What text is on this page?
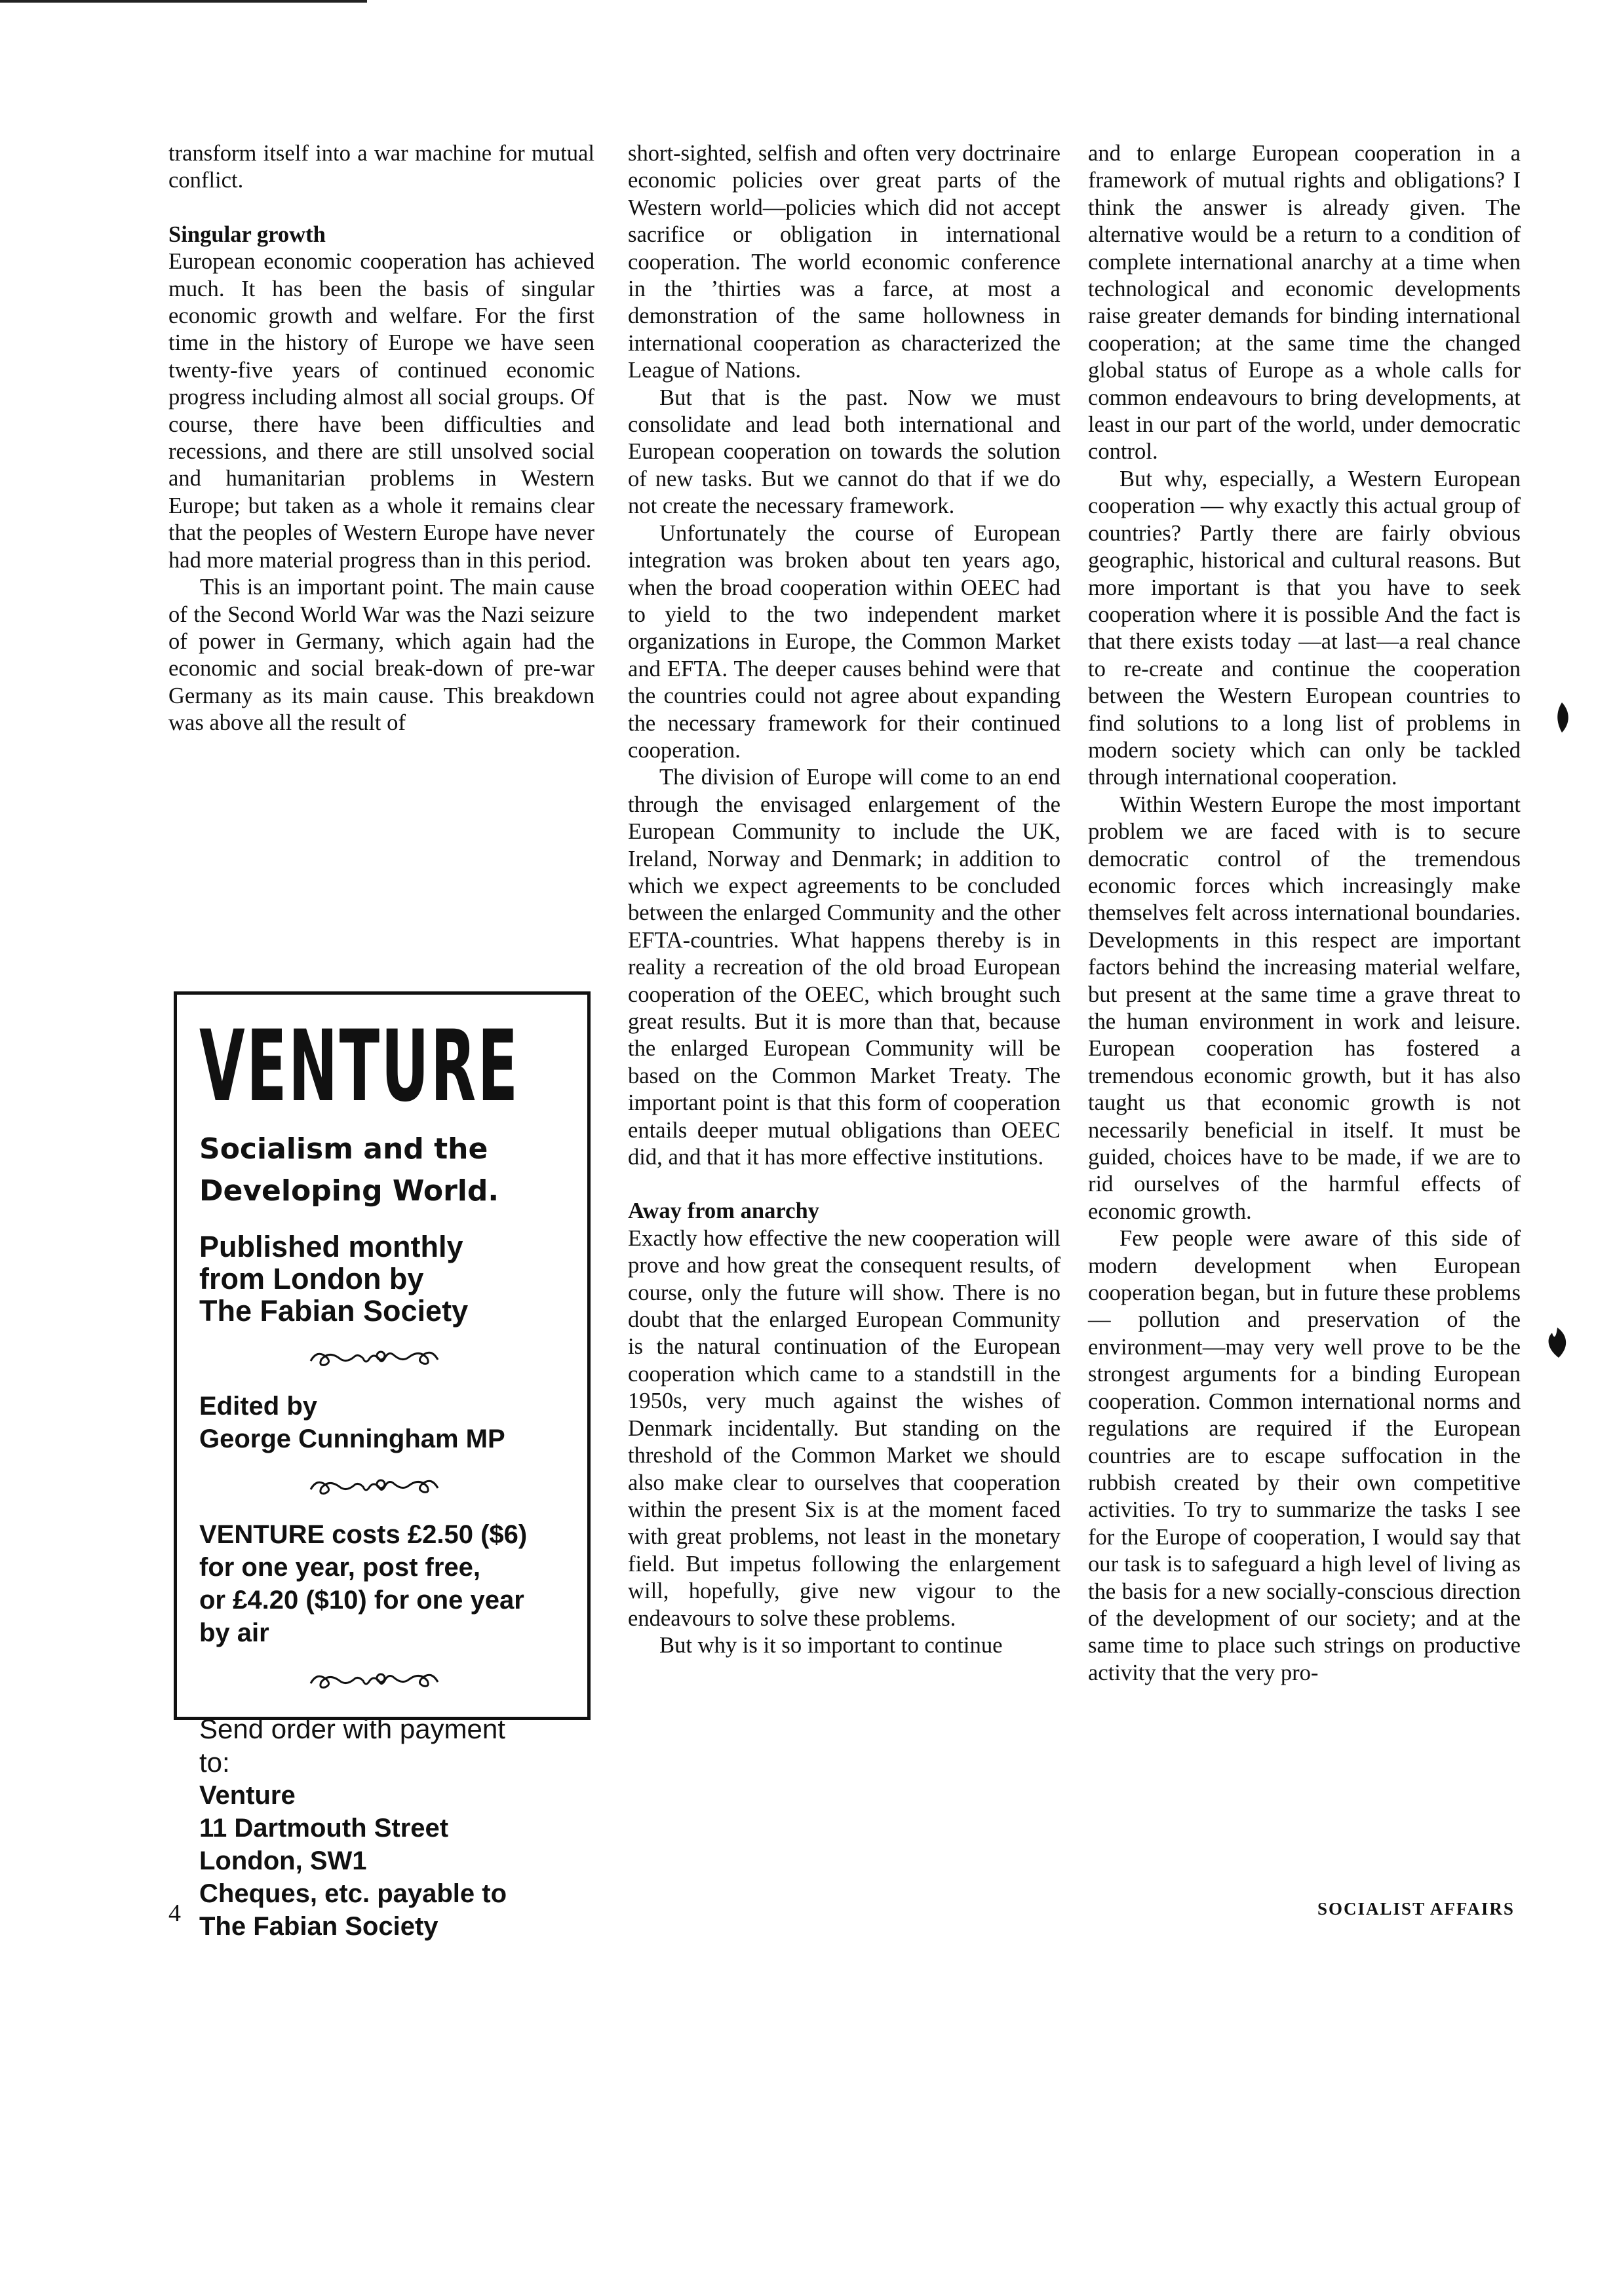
transform itself into a war machine for mutual conflict.

Singular growth

European economic cooperation has achieved much. It has been the basis of singular economic growth and welfare. For the first time in the history of Europe we have seen twenty-five years of continued economic progress including almost all social groups. Of course, there have been difficulties and recessions, and there are still unsolved social and humanitarian problems in Western Europe; but taken as a whole it remains clear that the peoples of Western Europe have never had more material progress than in this period.

This is an important point. The main cause of the Second World War was the Nazi seizure of power in Germany, which again had the economic and social break-down of pre-war Germany as its main cause. This breakdown was above all the result of

VENTURE
Socialism and the
Developing World.
Published monthly
from London by
The Fabian Society
Edited by
George Cunningham MP
VENTURE costs £2.50 ($6)
for one year, post free,
or £4.20 ($10) for one year
by air
Send order with payment
to:
Venture
11 Dartmouth Street
London, SW1
Cheques, etc. payable to
The Fabian Society

short-sighted, selfish and often very doctrinaire economic policies over great parts of the Western world—policies which did not accept sacrifice or obligation in international cooperation. The world economic conference in the ’thirties was a farce, at most a demonstration of the same hollowness in international cooperation as characterized the League of Nations.

But that is the past. Now we must consolidate and lead both international and European cooperation on towards the solution of new tasks. But we cannot do that if we do not create the necessary framework.

Unfortunately the course of European integration was broken about ten years ago, when the broad cooperation within OEEC had to yield to the two independent market organizations in Europe, the Common Market and EFTA. The deeper causes behind were that the countries could not agree about expanding the necessary framework for their continued cooperation.

The division of Europe will come to an end through the envisaged enlargement of the European Community to include the UK, Ireland, Norway and Denmark; in addition to which we expect agreements to be concluded between the enlarged Community and the other EFTA-countries. What happens thereby is in reality a recreation of the old broad European cooperation of the OEEC, which brought such great results. But it is more than that, because the enlarged European Community will be based on the Common Market Treaty. The important point is that this form of cooperation entails deeper mutual obligations than OEEC did, and that it has more effective institutions.

Away from anarchy

Exactly how effective the new cooperation will prove and how great the consequent results, of course, only the future will show. There is no doubt that the enlarged European Community is the natural continuation of the European cooperation which came to a standstill in the 1950s, very much against the wishes of Denmark incidentally. But standing on the threshold of the Common Market we should also make clear to ourselves that cooperation within the present Six is at the moment faced with great problems, not least in the monetary field. But impetus following the enlargement will, hopefully, give new vigour to the endeavours to solve these problems.

But why is it so important to continue

and to enlarge European cooperation in a framework of mutual rights and obligations? I think the answer is already given. The alternative would be a return to a condition of complete international anarchy at a time when technological and economic developments raise greater demands for binding international cooperation; at the same time the changed global status of Europe as a whole calls for common endeavours to bring developments, at least in our part of the world, under democratic control.

But why, especially, a Western European cooperation — why exactly this actual group of countries? Partly there are fairly obvious geographic, historical and cultural reasons. But more important is that you have to seek cooperation where it is possible And the fact is that there exists today —at last—a real chance to re-create and continue the cooperation between the Western European countries to find solutions to a long list of problems in modern society which can only be tackled through international cooperation.

Within Western Europe the most important problem we are faced with is to secure democratic control of the tremendous economic forces which increasingly make themselves felt across international boundaries. Developments in this respect are important factors behind the increasing material welfare, but present at the same time a grave threat to the human environment in work and leisure. European cooperation has fostered a tremendous economic growth, but it has also taught us that economic growth is not necessarily beneficial in itself. It must be guided, choices have to be made, if we are to rid ourselves of the harmful effects of economic growth.

Few people were aware of this side of modern development when European cooperation began, but in future these problems — pollution and preservation of the environment—may very well prove to be the strongest arguments for a binding European cooperation. Common international norms and regulations are required if the European countries are to escape suffocation in the rubbish created by their own competitive activities. To try to summarize the tasks I see for the Europe of cooperation, I would say that our task is to safeguard a high level of living as the basis for a new socially-conscious direction of the development of our society; and at the same time to place such strings on productive activity that the very pro-

4	SOCIALIST AFFAIRS
